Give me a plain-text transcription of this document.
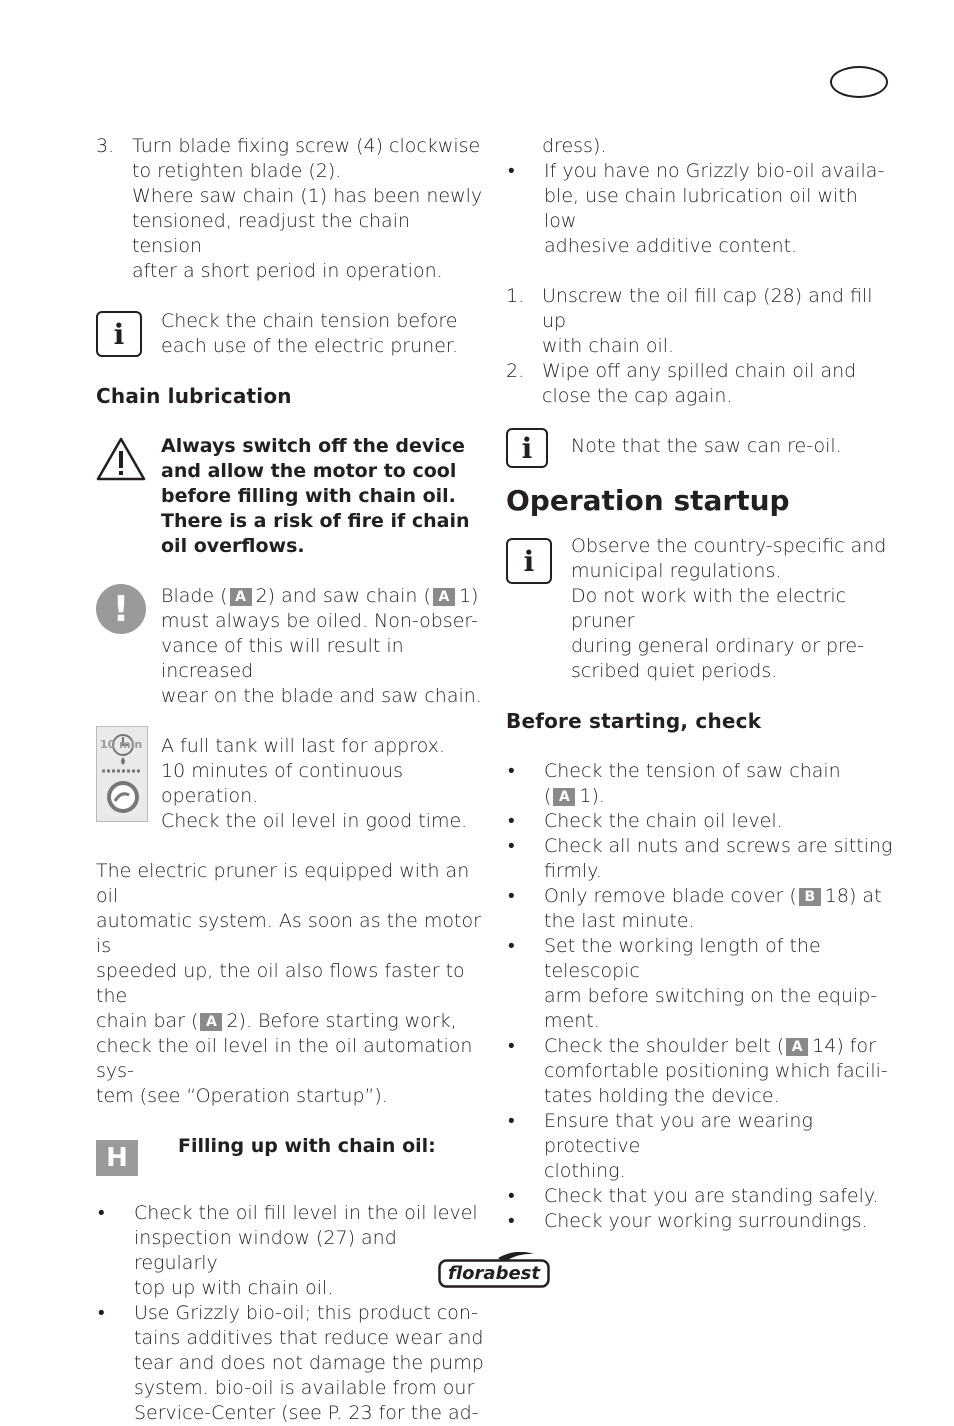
3. Turn blade fixing screw (4) clockwise
to retighten blade (2).
Where saw chain (1) has been newly
tensioned, readjust the chain tension
after a short period in operation.
i	Check the chain tension before
each use of the electric pruner.
Chain lubrication
Always switch off the device
and allow the motor to cool
before filling with chain oil.
There is a risk of fire if chain
oil overflows.
!	Blade ( A 2) and saw chain ( A 1)
must always be oiled. Non-obser-
vance of this will result in increased
wear on the blade and saw chain.
10 min A full tank will last for approx.
10 minutes of continuous operation.
Check the oil level in good time.
The electric pruner is equipped with an oil
automatic system. As soon as the motor is
speeded up, the oil also flows faster to the
chain bar ( A 2). Before starting work,
check the oil level in the oil automation sys-
tem (see “Operation startup”).
H	Filling up with chain oil:
•	Check the oil fill level in the oil level
inspection window (27) and regularly
top up with chain oil.
•	Use Grizzly bio-oil; this product con-
tains additives that reduce wear and
tear and does not damage the pump
system. bio-oil is available from our
Service-Center (see P. 23 for the ad-
dress).
•	If you have no Grizzly bio-oil availa-
ble, use chain lubrication oil with low
adhesive additive content.
1. Unscrew the oil fill cap (28) and fill up
with chain oil.
2. Wipe off any spilled chain oil and
close the cap again.
i	Note that the saw can re-oil.
Operation startup
i	Observe the country-specific and
municipal regulations.
Do not work with the electric pruner
during general ordinary or pre-
scribed quiet periods.
Before starting, check
•	Check the tension of saw chain
( A 1).
•	Check the chain oil level.
•	Check all nuts and screws are sitting
firmly.
•	Only remove blade cover ( B 18) at
the last minute.
•	Set the working length of the telescopic
arm before switching on the equip-
ment.
•	Check the shoulder belt ( A 14) for
comfortable positioning which facili-
tates holding the device.
•	Ensure that you are wearing protective
clothing.
•	Check that you are standing safely.
•	Check your working surroundings.
florabest
